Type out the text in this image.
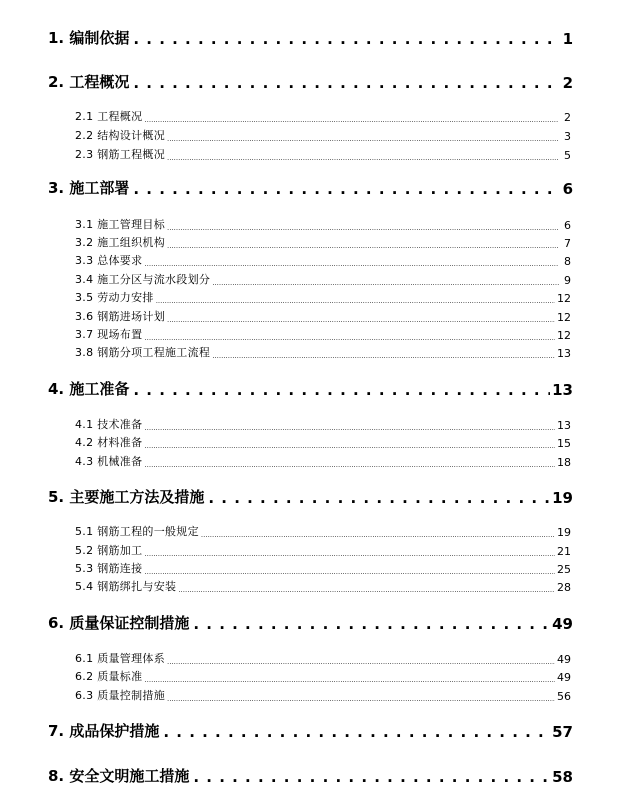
1. 编制依据 . . .	1
2. 工程概况 . . .	2
2.1 工程概况 .....	2
2.2 结构设计概况 .....	3
2.3 钢筋工程概况 .....	5
3. 施工部署 . . .	6
3.1 施工管理目标 .....	6
3.2 施工组织机构 .....	7
3.3 总体要求 .....	8
3.4 施工分区与流水段划分 .....	9
3.5 劳动力安排 .....	12
3.6 钢筋进场计划 .....	12
3.7 现场布置 .....	12
3.8 钢筋分项工程施工流程 .....	13
4. 施工准备 . . .	13
4.1 技术准备 .....	13
4.2 材料准备 .....	15
4.3 机械准备 .....	18
5. 主要施工方法及措施 . . .	19
5.1 钢筋工程的一般规定 .....	19
5.2 钢筋加工 .....	21
5.3 钢筋连接 .....	25
5.4 钢筋绑扎与安装 .....	28
6. 质量保证控制措施 . . .	49
6.1 质量管理体系 .....	49
6.2 质量标准 .....	49
6.3 质量控制措施 .....	56
7. 成品保护措施 . . .	57
8. 安全文明施工措施 . . .	58
